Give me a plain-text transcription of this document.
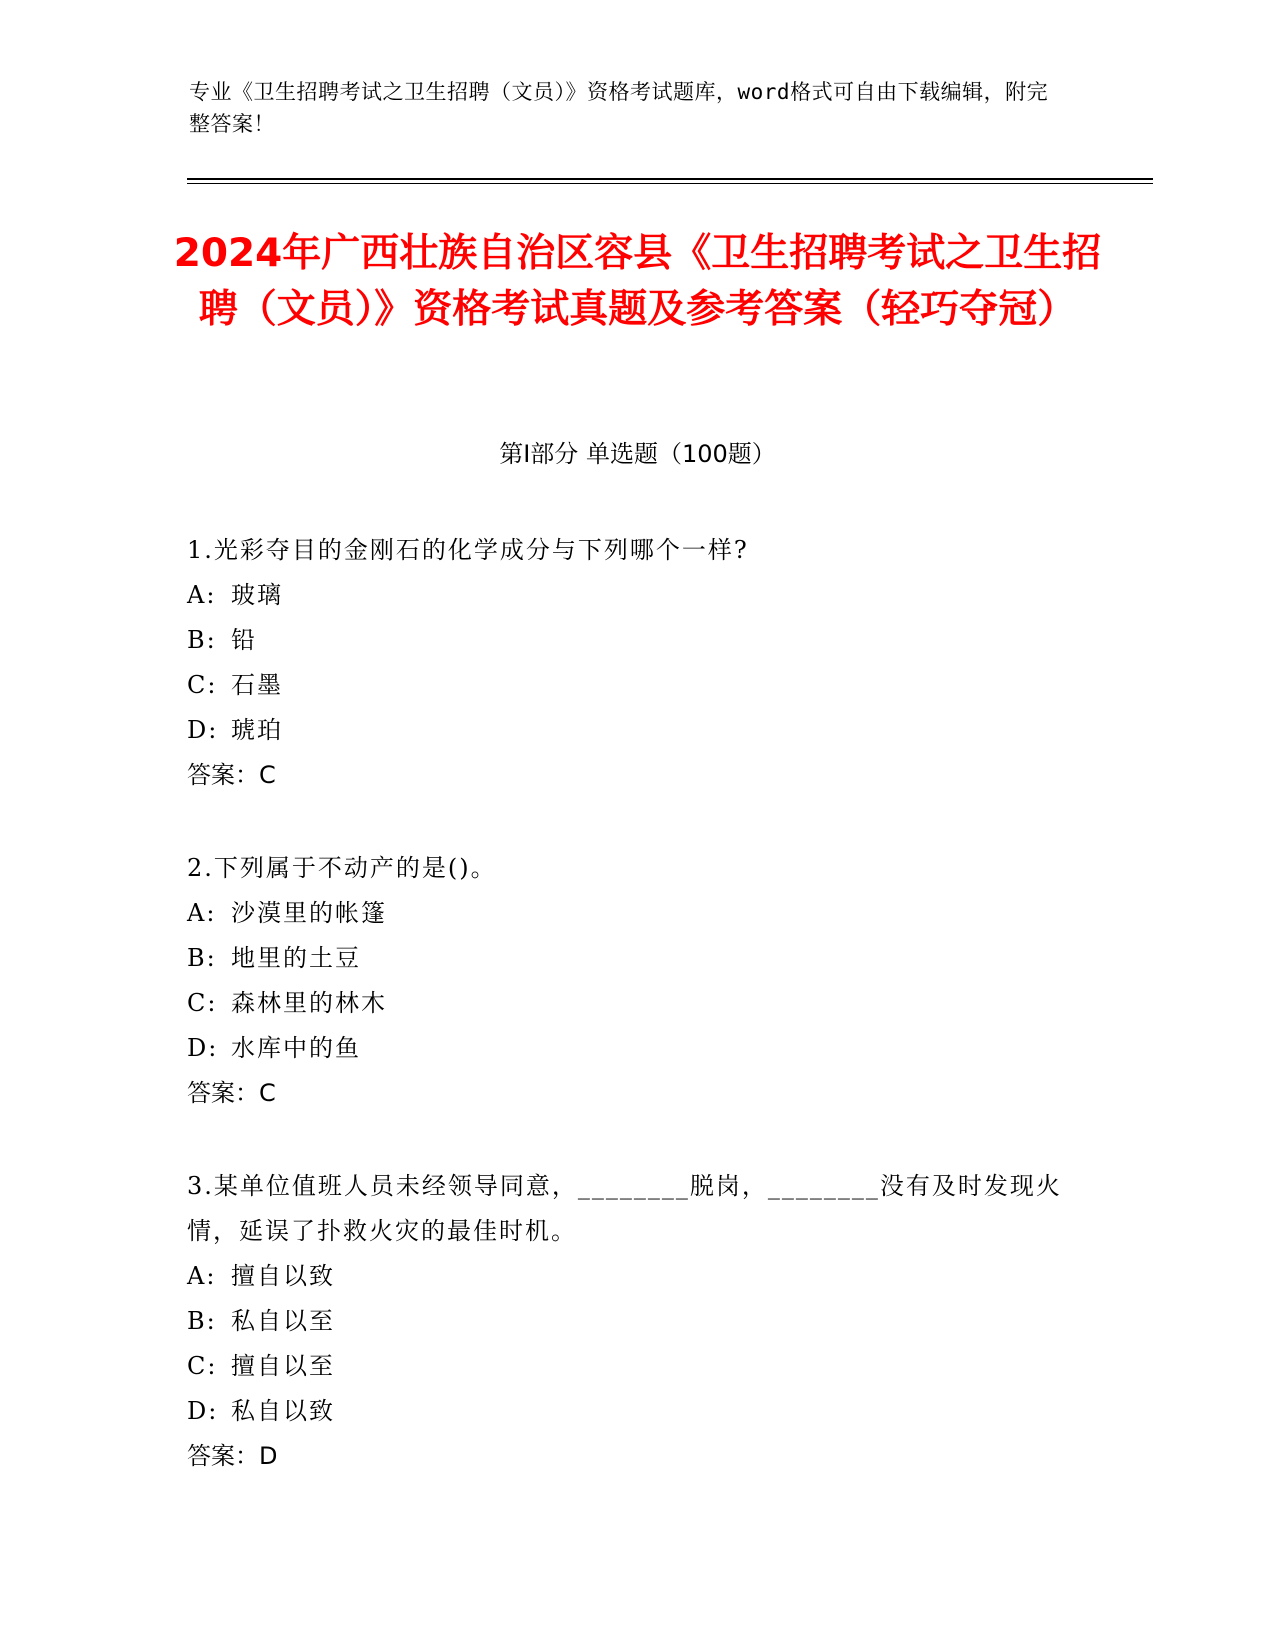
专业《卫生招聘考试之卫生招聘（文员）》资格考试题库，word格式可自由下载编辑，附完整答案！
2024年广西壮族自治区容县《卫生招聘考试之卫生招聘（文员）》资格考试真题及参考答案（轻巧夺冠）
第Ⅰ部分 单选题（100题）
1.光彩夺目的金刚石的化学成分与下列哪个一样?
A: 玻璃
B: 铅
C: 石墨
D: 琥珀
答案：C
2.下列属于不动产的是()。
A: 沙漠里的帐篷
B: 地里的土豆
C: 森林里的林木
D: 水库中的鱼
答案：C
3.某单位值班人员未经领导同意，________脱岗，________没有及时发现火情，延误了扑救火灾的最佳时机。
A: 擅自以致
B: 私自以至
C: 擅自以至
D: 私自以致
答案：D
